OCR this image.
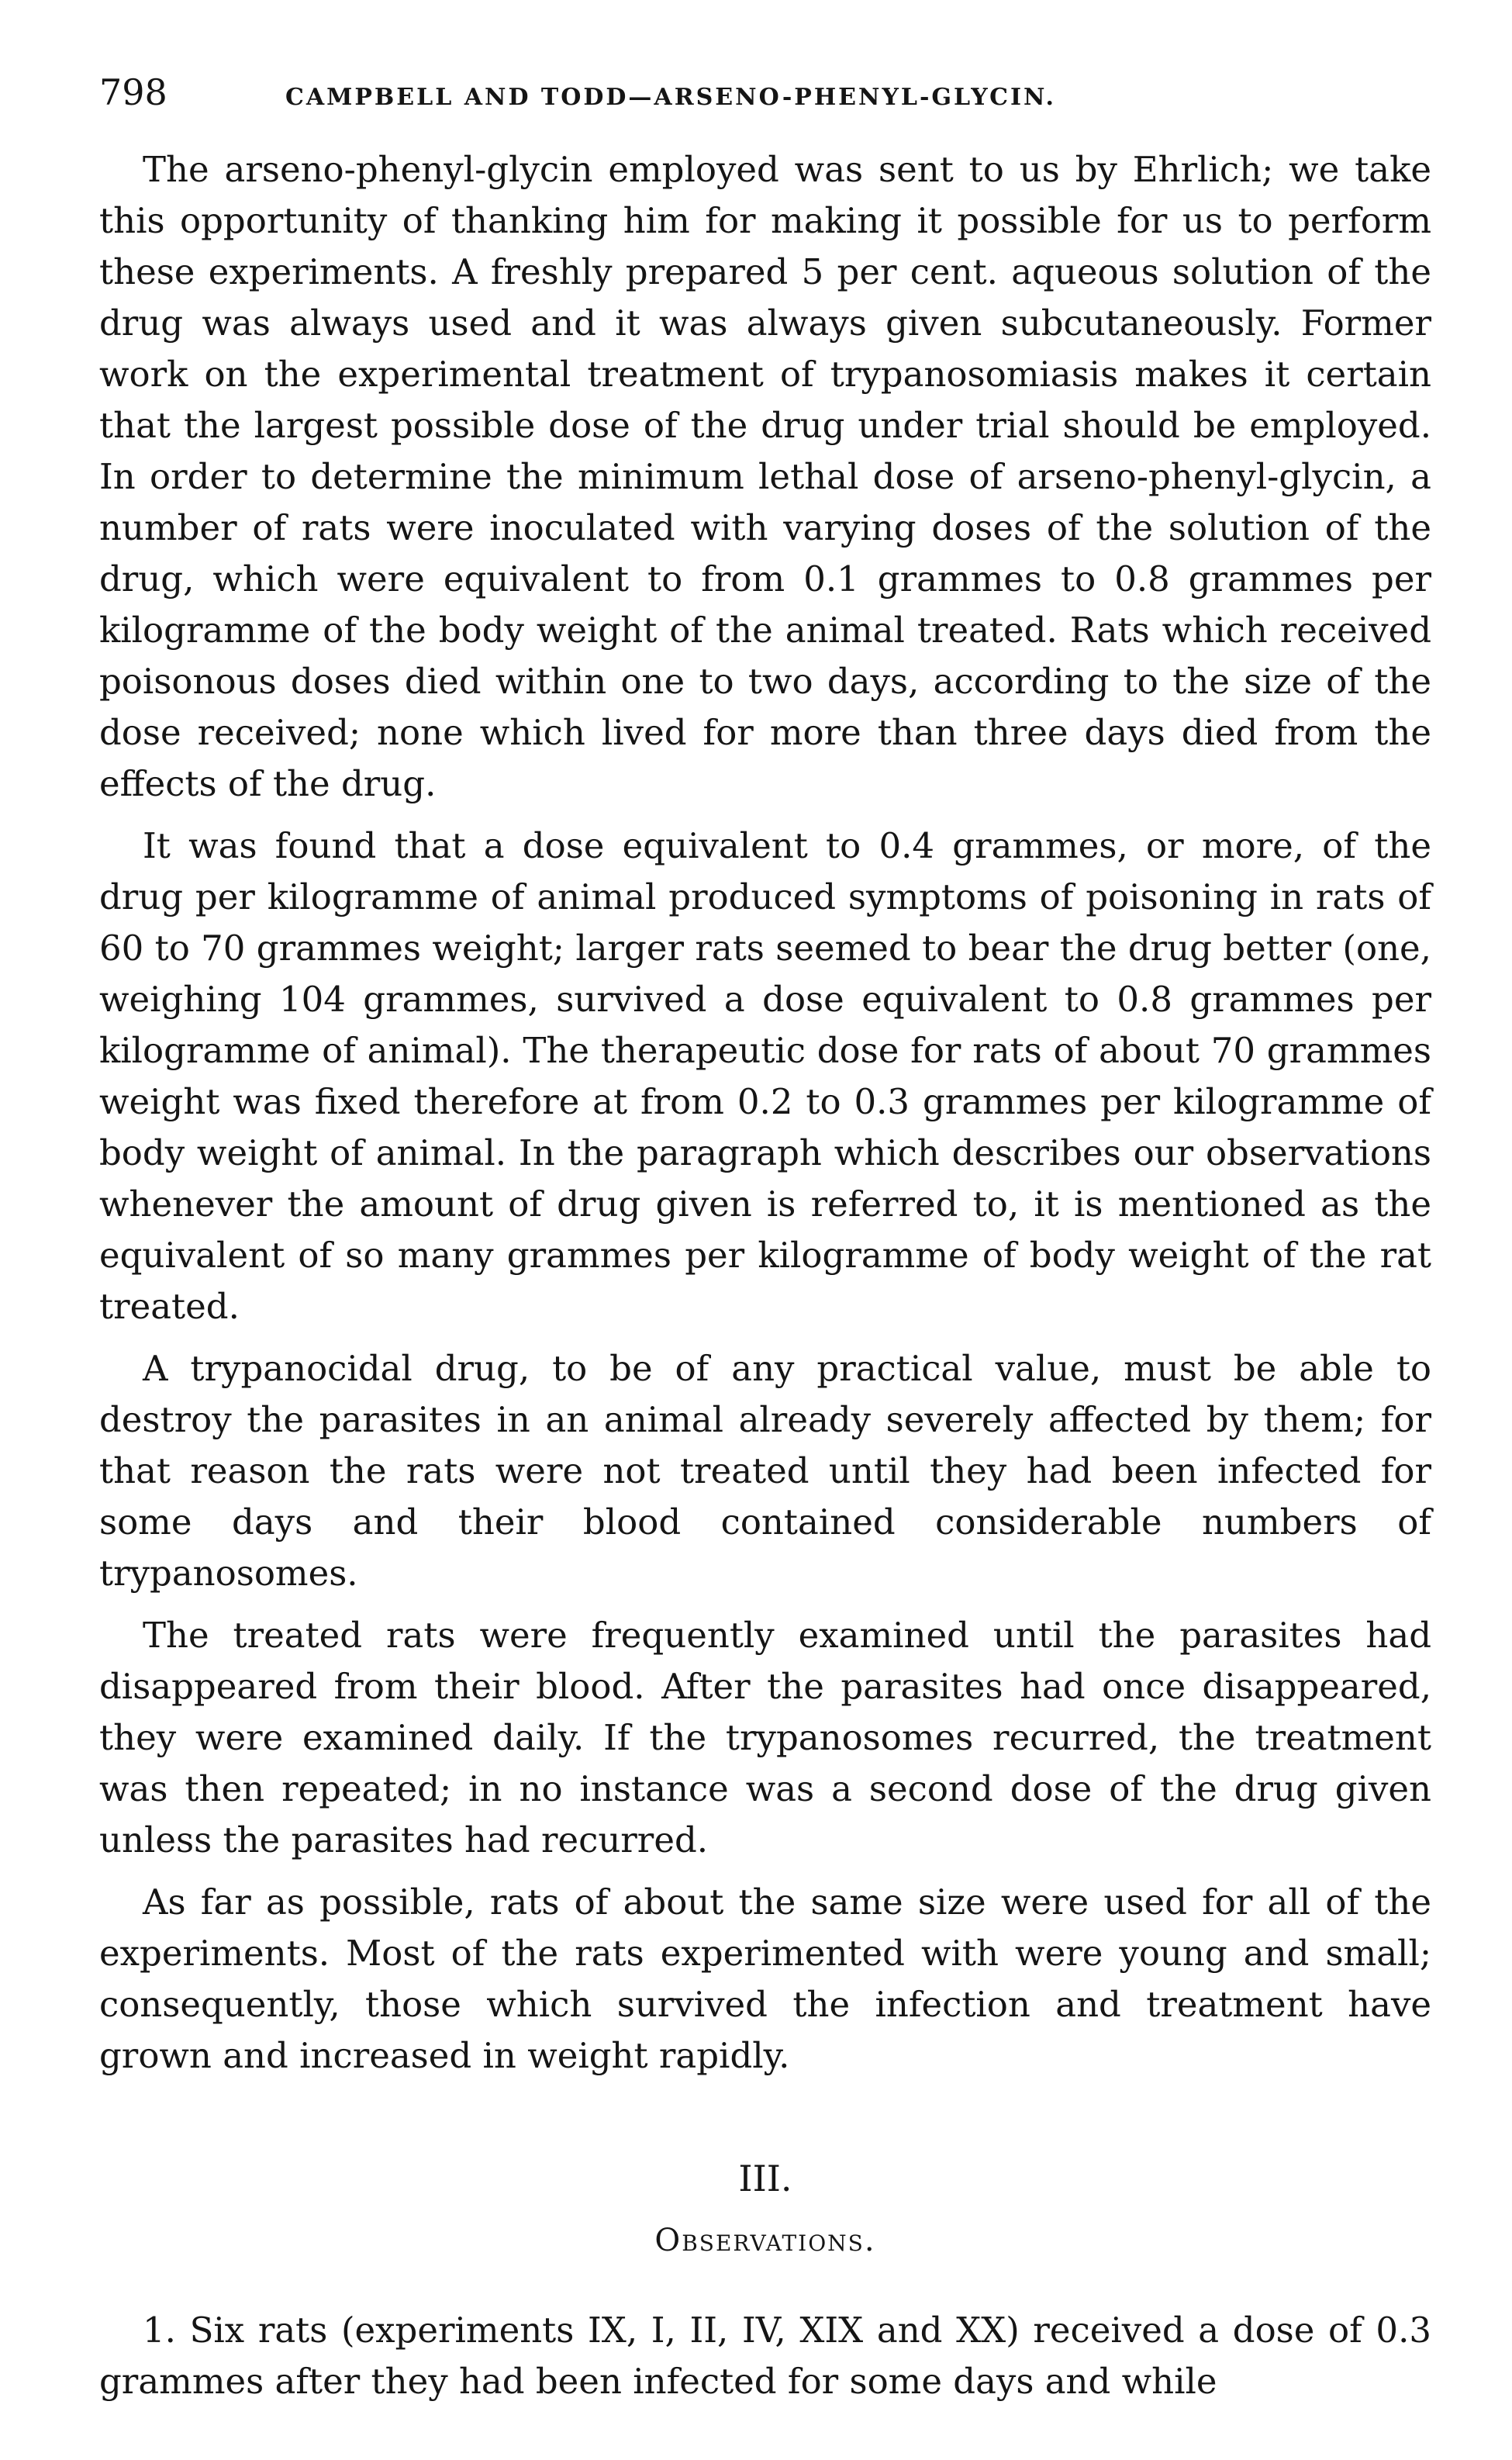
798	CAMPBELL AND TODD—ARSENO-PHENYL-GLYCIN.

The arseno-phenyl-glycin employed was sent to us by Ehrlich; we take this opportunity of thanking him for making it possible for us to perform these experiments. A freshly prepared 5 per cent. aqueous solution of the drug was always used and it was always given subcutaneously. Former work on the experimental treatment of trypanosomiasis makes it certain that the largest possible dose of the drug under trial should be employed. In order to determine the minimum lethal dose of arseno-phenyl-glycin, a number of rats were inoculated with varying doses of the solution of the drug, which were equivalent to from 0.1 grammes to 0.8 grammes per kilogramme of the body weight of the animal treated. Rats which received poisonous doses died within one to two days, according to the size of the dose received; none which lived for more than three days died from the effects of the drug.

It was found that a dose equivalent to 0.4 grammes, or more, of the drug per kilogramme of animal produced symptoms of poisoning in rats of 60 to 70 grammes weight; larger rats seemed to bear the drug better (one, weighing 104 grammes, survived a dose equivalent to 0.8 grammes per kilogramme of animal). The therapeutic dose for rats of about 70 grammes weight was fixed therefore at from 0.2 to 0.3 grammes per kilogramme of body weight of animal. In the paragraph which describes our observations whenever the amount of drug given is referred to, it is mentioned as the equivalent of so many grammes per kilogramme of body weight of the rat treated.

A trypanocidal drug, to be of any practical value, must be able to destroy the parasites in an animal already severely affected by them; for that reason the rats were not treated until they had been infected for some days and their blood contained considerable numbers of trypanosomes.

The treated rats were frequently examined until the parasites had disappeared from their blood. After the parasites had once disappeared, they were examined daily. If the trypanosomes recurred, the treatment was then repeated; in no instance was a second dose of the drug given unless the parasites had recurred.

As far as possible, rats of about the same size were used for all of the experiments. Most of the rats experimented with were young and small; consequently, those which survived the infection and treatment have grown and increased in weight rapidly.

III.
Observations.

1. Six rats (experiments IX, I, II, IV, XIX and XX) received a dose of 0.3 grammes after they had been infected for some days and while
